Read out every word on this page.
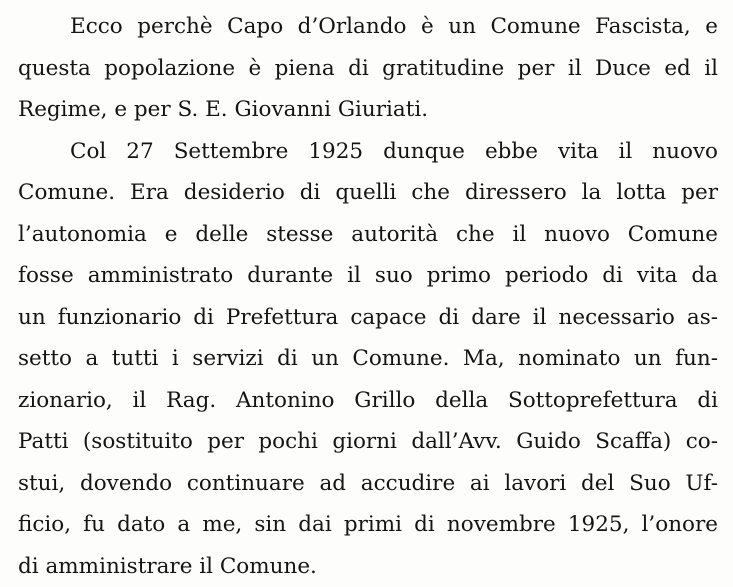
Ecco perchè Capo d’Orlando è un Comune Fascista, e
questa popolazione è piena di gratitudine per il Duce ed il
Regime, e per S. E. Giovanni Giuriati.
Col 27 Settembre 1925 dunque ebbe vita il nuovo
Comune. Era desiderio di quelli che diressero la lotta per
l’autonomia e delle stesse autorità che il nuovo Comune
fosse amministrato durante il suo primo periodo di vita da
un funzionario di Prefettura capace di dare il necessario as-
setto a tutti i servizi di un Comune. Ma, nominato un fun-
zionario, il Rag. Antonino Grillo della Sottoprefettura di
Patti (sostituito per pochi giorni dall’Avv. Guido Scaffa) co-
stui, dovendo continuare ad accudire ai lavori del Suo Uf-
ficio, fu dato a me, sin dai primi di novembre 1925, l’onore
di amministrare il Comune.
